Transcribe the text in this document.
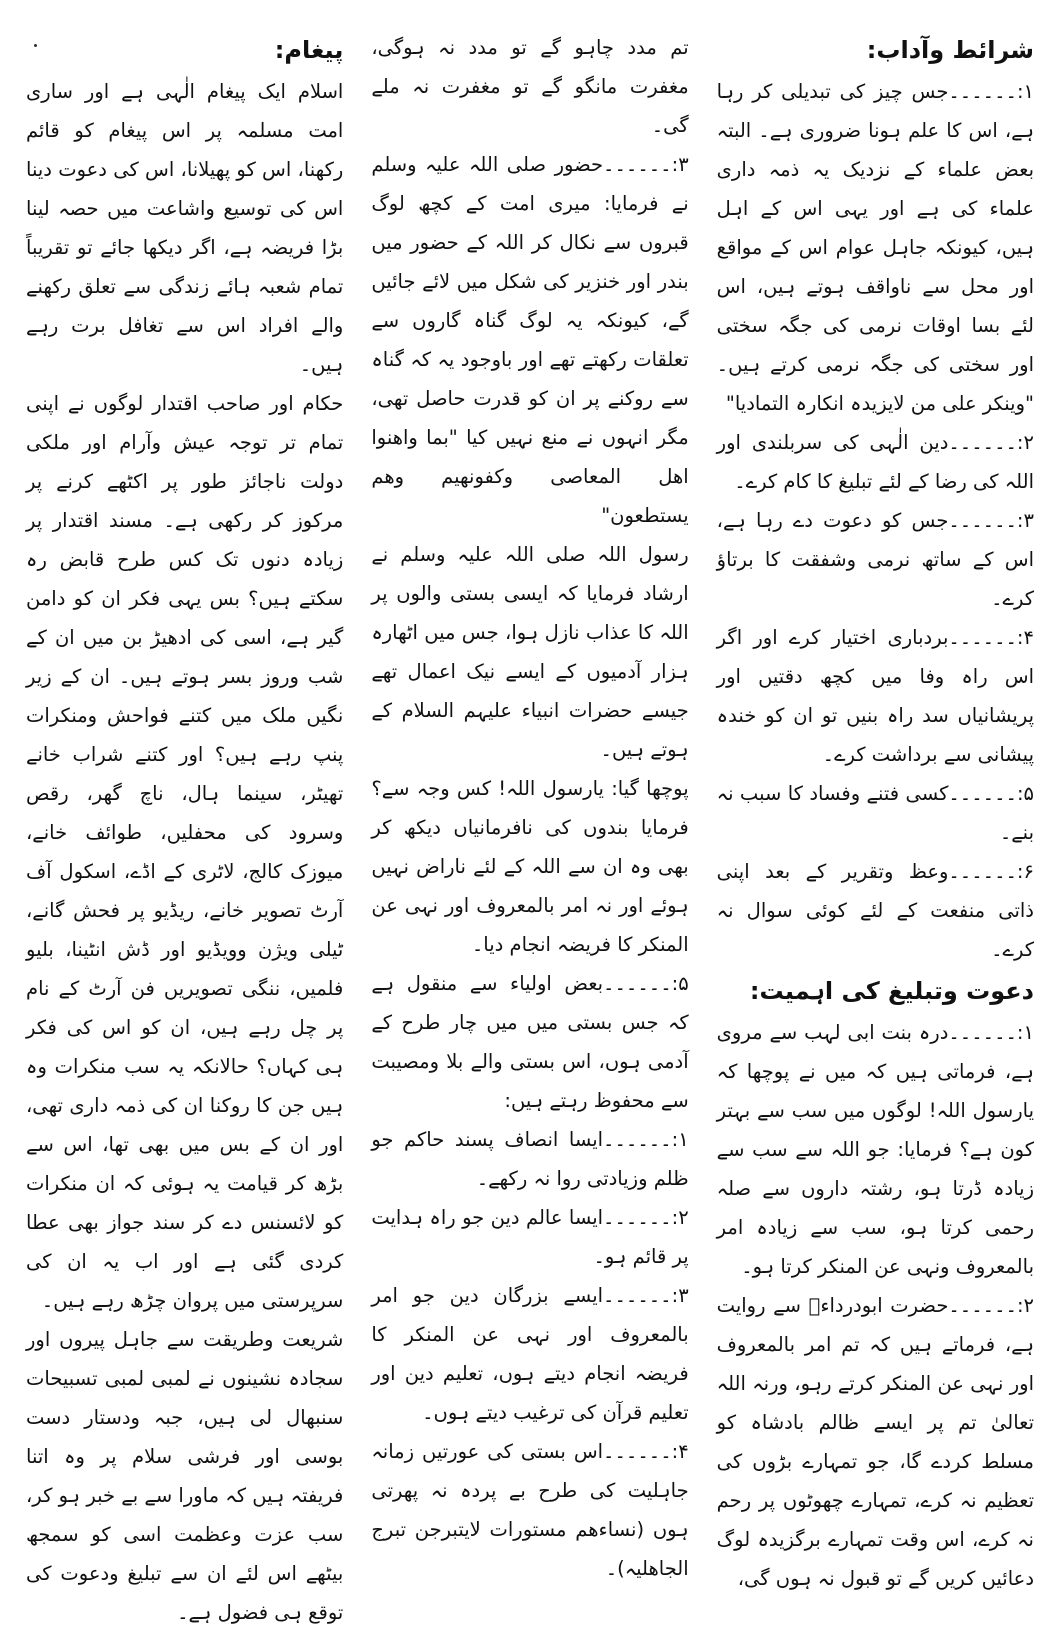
شرائط وآداب:

۱:۔۔۔۔۔۔جس چیز کی تبدیلی کر رہا ہے، اس کا علم ہونا ضروری ہے۔ البتہ بعض علماء کے نزدیک یہ ذمہ داری علماء کی ہے اور یہی اس کے اہل ہیں، کیونکہ جاہل عوام اس کے مواقع اور محل سے ناواقف ہوتے ہیں، اس لئے بسا اوقات نرمی کی جگہ سختی اور سختی کی جگہ نرمی کرتے ہیں۔ "وینکر علی من لایزیدہ انکارہ التمادیا"

۲:۔۔۔۔۔۔دین الٰہی کی سربلندی اور اللہ کی رضا کے لئے تبلیغ کا کام کرے۔

۳:۔۔۔۔۔۔جس کو دعوت دے رہا ہے، اس کے ساتھ نرمی وشفقت کا برتاؤ کرے۔

۴:۔۔۔۔۔۔بردباری اختیار کرے اور اگر اس راہ وفا میں کچھ دقتیں اور پریشانیاں سد راہ بنیں تو ان کو خندہ پیشانی سے برداشت کرے۔

۵:۔۔۔۔۔۔کسی فتنے وفساد کا سبب نہ بنے۔

۶:۔۔۔۔۔۔وعظ وتقریر کے بعد اپنی ذاتی منفعت کے لئے کوئی سوال نہ کرے۔

دعوت وتبلیغ کی اہمیت:

۱:۔۔۔۔۔۔درہ بنت ابی لہب سے مروی ہے، فرماتی ہیں کہ میں نے پوچھا کہ یارسول اللہ! لوگوں میں سب سے بہتر کون ہے؟ فرمایا: جو اللہ سے سب سے زیادہ ڈرتا ہو، رشتہ داروں سے صلہ رحمی کرتا ہو، سب سے زیادہ امر بالمعروف ونہی عن المنکر کرتا ہو۔

۲:۔۔۔۔۔۔حضرت ابودرداءؓ سے روایت ہے، فرماتے ہیں کہ تم امر بالمعروف اور نہی عن المنکر کرتے رہو، ورنہ اللہ تعالیٰ تم پر ایسے ظالم بادشاہ کو مسلط کردے گا، جو تمہارے بڑوں کی تعظیم نہ کرے، تمہارے چھوٹوں پر رحم نہ کرے، اس وقت تمہارے برگزیدہ لوگ دعائیں کریں گے تو قبول نہ ہوں گی،

تم مدد چاہو گے تو مدد نہ ہوگی، مغفرت مانگو گے تو مغفرت نہ ملے گی۔

۳:۔۔۔۔۔۔حضور صلی اللہ علیہ وسلم نے فرمایا: میری امت کے کچھ لوگ قبروں سے نکال کر اللہ کے حضور میں بندر اور خنزیر کی شکل میں لائے جائیں گے، کیونکہ یہ لوگ گناہ گاروں سے تعلقات رکھتے تھے اور باوجود یہ کہ گناہ سے روکنے پر ان کو قدرت حاصل تھی، مگر انہوں نے منع نہیں کیا "بما واھنوا اھل المعاصی وکفونھیم وھم یستطعون"

رسول اللہ صلی اللہ علیہ وسلم نے ارشاد فرمایا کہ ایسی بستی والوں پر اللہ کا عذاب نازل ہوا، جس میں اٹھارہ ہزار آدمیوں کے ایسے نیک اعمال تھے جیسے حضرات انبیاء علیہم السلام کے ہوتے ہیں۔

پوچھا گیا: یارسول اللہ! کس وجہ سے؟ فرمایا بندوں کی نافرمانیاں دیکھ کر بھی وہ ان سے اللہ کے لئے ناراض نہیں ہوئے اور نہ امر بالمعروف اور نہی عن المنکر کا فریضہ انجام دیا۔

۵:۔۔۔۔۔۔بعض اولیاء سے منقول ہے کہ جس بستی میں میں چار طرح کے آدمی ہوں، اس بستی والے بلا ومصیبت سے محفوظ رہتے ہیں:

۱:۔۔۔۔۔۔ایسا انصاف پسند حاکم جو ظلم وزیادتی روا نہ رکھے۔

۲:۔۔۔۔۔۔ایسا عالم دین جو راہ ہدایت پر قائم ہو۔

۳:۔۔۔۔۔۔ایسے بزرگان دین جو امر بالمعروف اور نہی عن المنکر کا فریضہ انجام دیتے ہوں، تعلیم دین اور تعلیم قرآن کی ترغیب دیتے ہوں۔

۴:۔۔۔۔۔۔اس بستی کی عورتیں زمانہ جاہلیت کی طرح بے پردہ نہ پھرتی ہوں (نساءھم مستورات لایتبرجن تبرج الجاھلیہ)۔

پیغام:

اسلام ایک پیغام الٰہی ہے اور ساری امت مسلمہ پر اس پیغام کو قائم رکھنا، اس کو پھیلانا، اس کی دعوت دینا اس کی توسیع واشاعت میں حصہ لینا بڑا فریضہ ہے، اگر دیکھا جائے تو تقریباً تمام شعبہ ہائے زندگی سے تعلق رکھنے والے افراد اس سے تغافل برت رہے ہیں۔

حکام اور صاحب اقتدار لوگوں نے اپنی تمام تر توجہ عیش وآرام اور ملکی دولت ناجائز طور پر اکٹھے کرنے پر مرکوز کر رکھی ہے۔ مسند اقتدار پر زیادہ دنوں تک کس طرح قابض رہ سکتے ہیں؟ بس یہی فکر ان کو دامن گیر ہے، اسی کی ادھیڑ بن میں ان کے شب وروز بسر ہوتے ہیں۔ ان کے زیر نگیں ملک میں کتنے فواحش ومنکرات پنپ رہے ہیں؟ اور کتنے شراب خانے تھیٹر، سینما ہال، ناچ گھر، رقص وسرود کی محفلیں، طوائف خانے، میوزک کالج، لاٹری کے اڈے، اسکول آف آرٹ تصویر خانے، ریڈیو پر فحش گانے، ٹیلی ویژن وویڈیو اور ڈش انٹینا، بلیو فلمیں، ننگی تصویریں فن آرٹ کے نام پر چل رہے ہیں، ان کو اس کی فکر ہی کہاں؟ حالانکہ یہ سب منکرات وہ ہیں جن کا روکنا ان کی ذمہ داری تھی، اور ان کے بس میں بھی تھا، اس سے بڑھ کر قیامت یہ ہوئی کہ ان منکرات کو لائسنس دے کر سند جواز بھی عطا کردی گئی ہے اور اب یہ ان کی سرپرستی میں پروان چڑھ رہے ہیں۔

شریعت وطریقت سے جاہل پیروں اور سجادہ نشینوں نے لمبی لمبی تسبیحات سنبھال لی ہیں، جبہ ودستار دست بوسی اور فرشی سلام پر وہ اتنا فریفتہ ہیں کہ ماورا سے بے خبر ہو کر، سب عزت وعظمت اسی کو سمجھ بیٹھے اس لئے ان سے تبلیغ ودعوت کی توقع ہی فضول ہے۔
